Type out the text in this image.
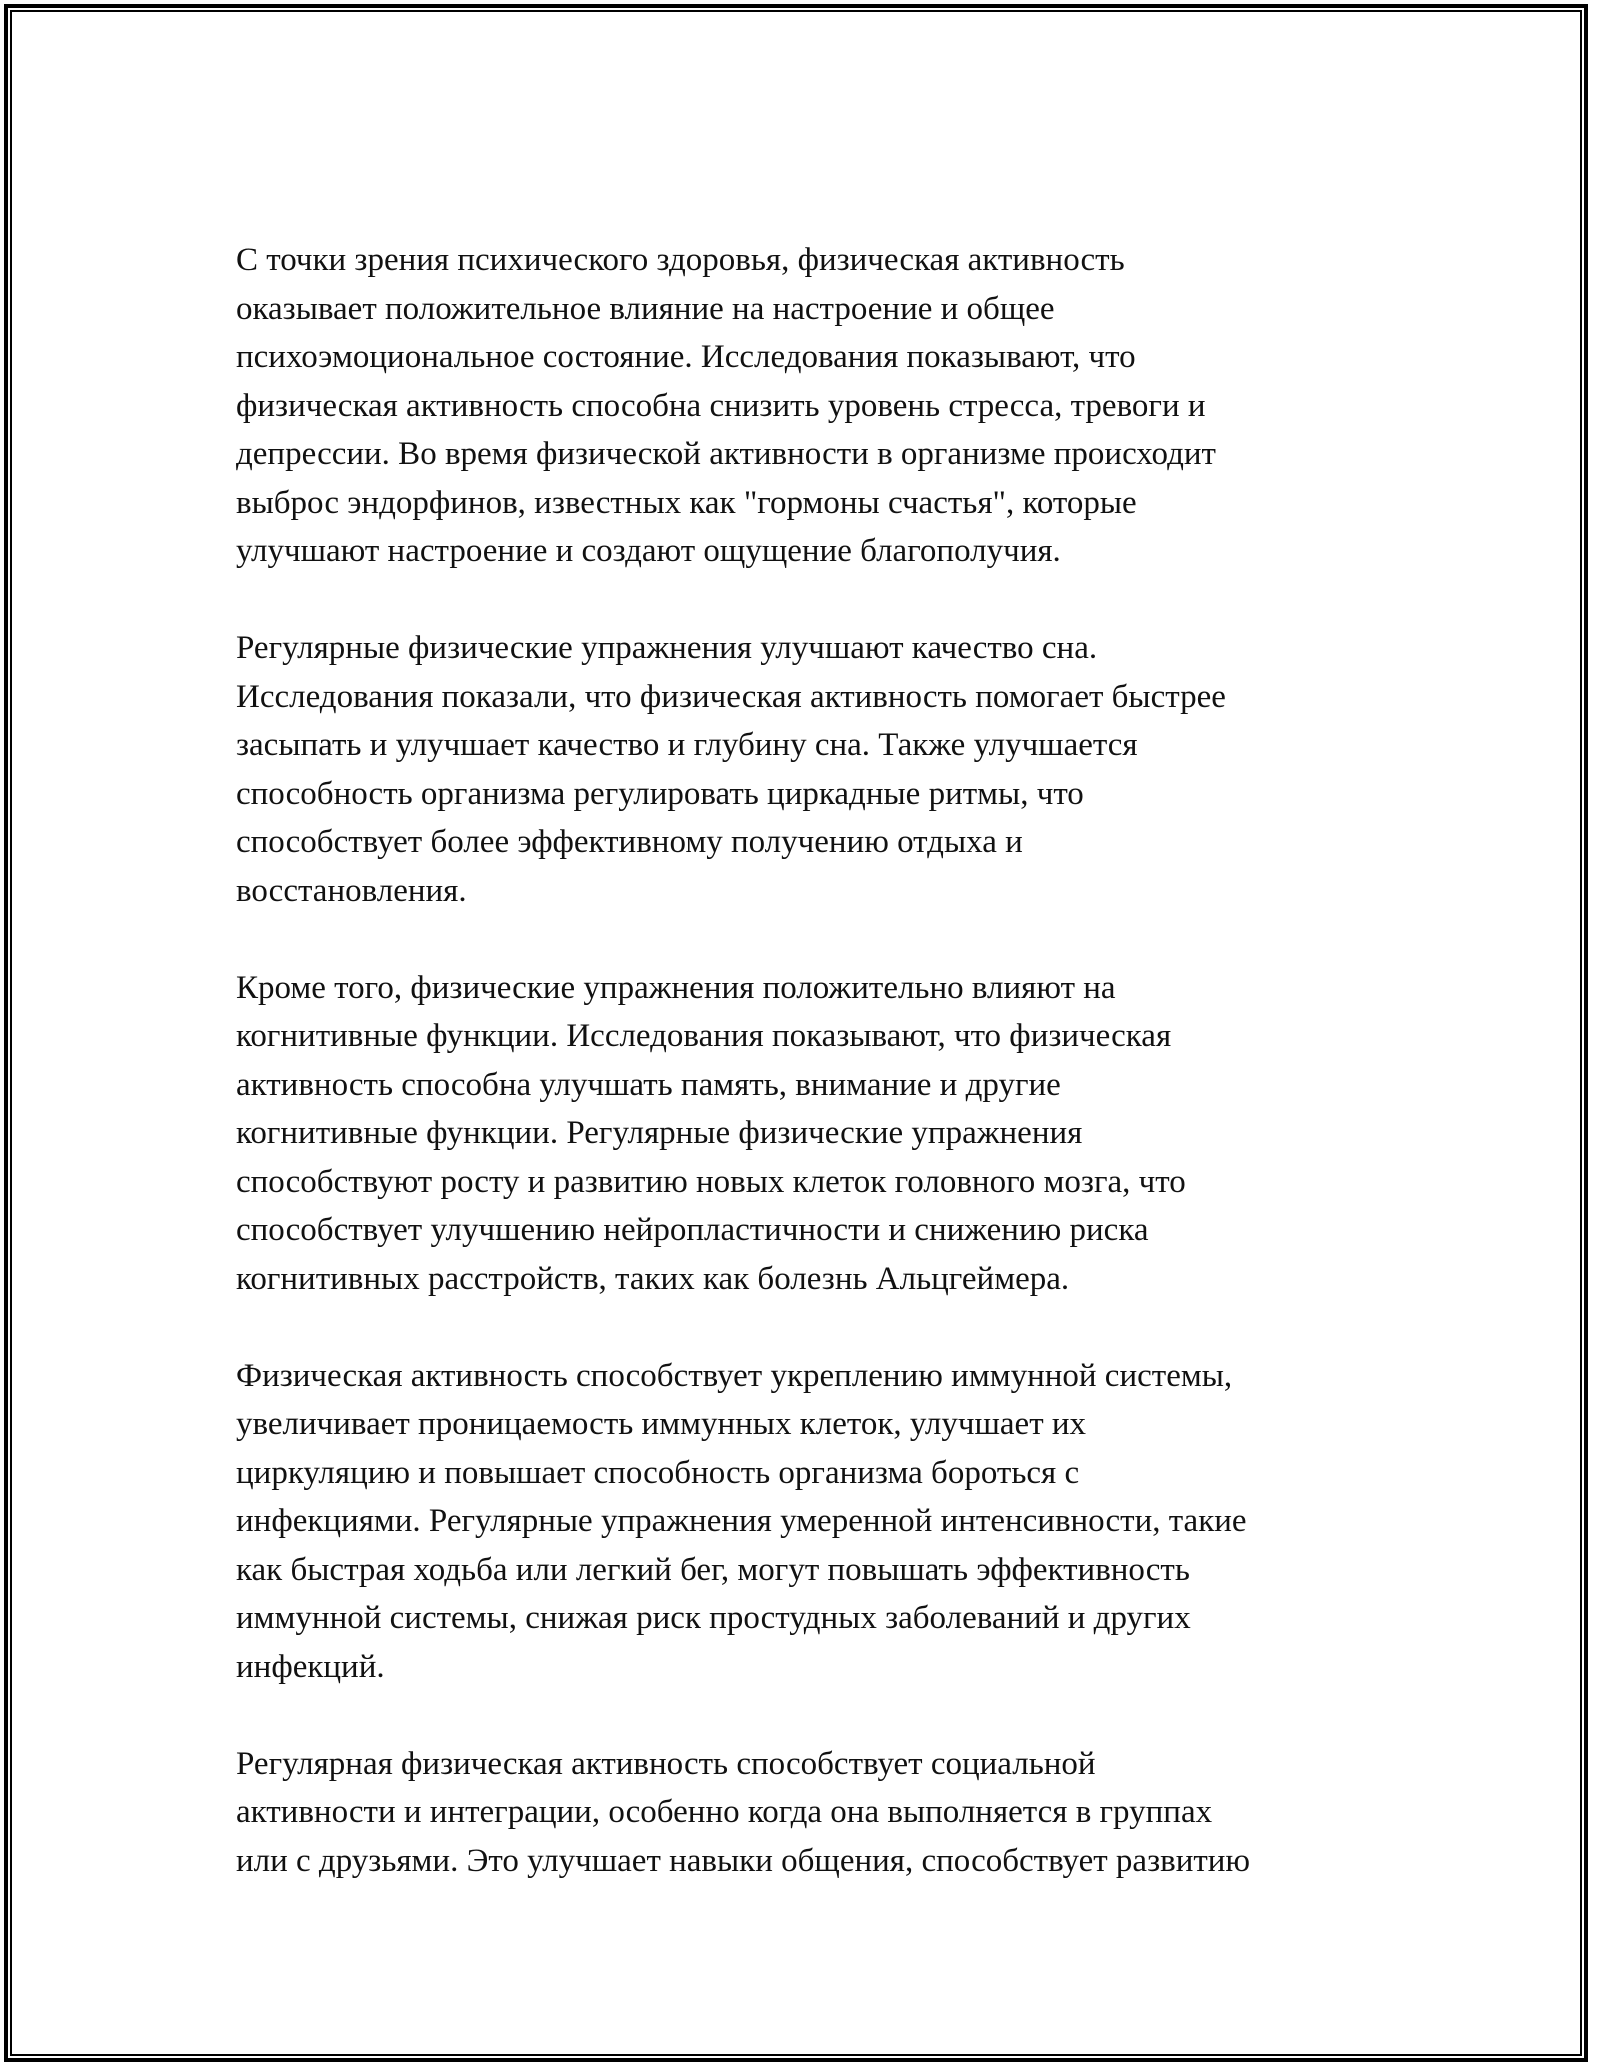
С точки зрения психического здоровья, физическая активность
оказывает положительное влияние на настроение и общее
психоэмоциональное состояние. Исследования показывают, что
физическая активность способна снизить уровень стресса, тревоги и
депрессии. Во время физической активности в организме происходит
выброс эндорфинов, известных как "гормоны счастья", которые
улучшают настроение и создают ощущение благополучия.

Регулярные физические упражнения улучшают качество сна.
Исследования показали, что физическая активность помогает быстрее
засыпать и улучшает качество и глубину сна. Также улучшается
способность организма регулировать циркадные ритмы, что
способствует более эффективному получению отдыха и
восстановления.

Кроме того, физические упражнения положительно влияют на
когнитивные функции. Исследования показывают, что физическая
активность способна улучшать память, внимание и другие
когнитивные функции. Регулярные физические упражнения
способствуют росту и развитию новых клеток головного мозга, что
способствует улучшению нейропластичности и снижению риска
когнитивных расстройств, таких как болезнь Альцгеймера.

Физическая активность способствует укреплению иммунной системы,
увеличивает проницаемость иммунных клеток, улучшает их
циркуляцию и повышает способность организма бороться с
инфекциями. Регулярные упражнения умеренной интенсивности, такие
как быстрая ходьба или легкий бег, могут повышать эффективность
иммунной системы, снижая риск простудных заболеваний и других
инфекций.

Регулярная физическая активность способствует социальной
активности и интеграции, особенно когда она выполняется в группах
или с друзьями. Это улучшает навыки общения, способствует развитию
